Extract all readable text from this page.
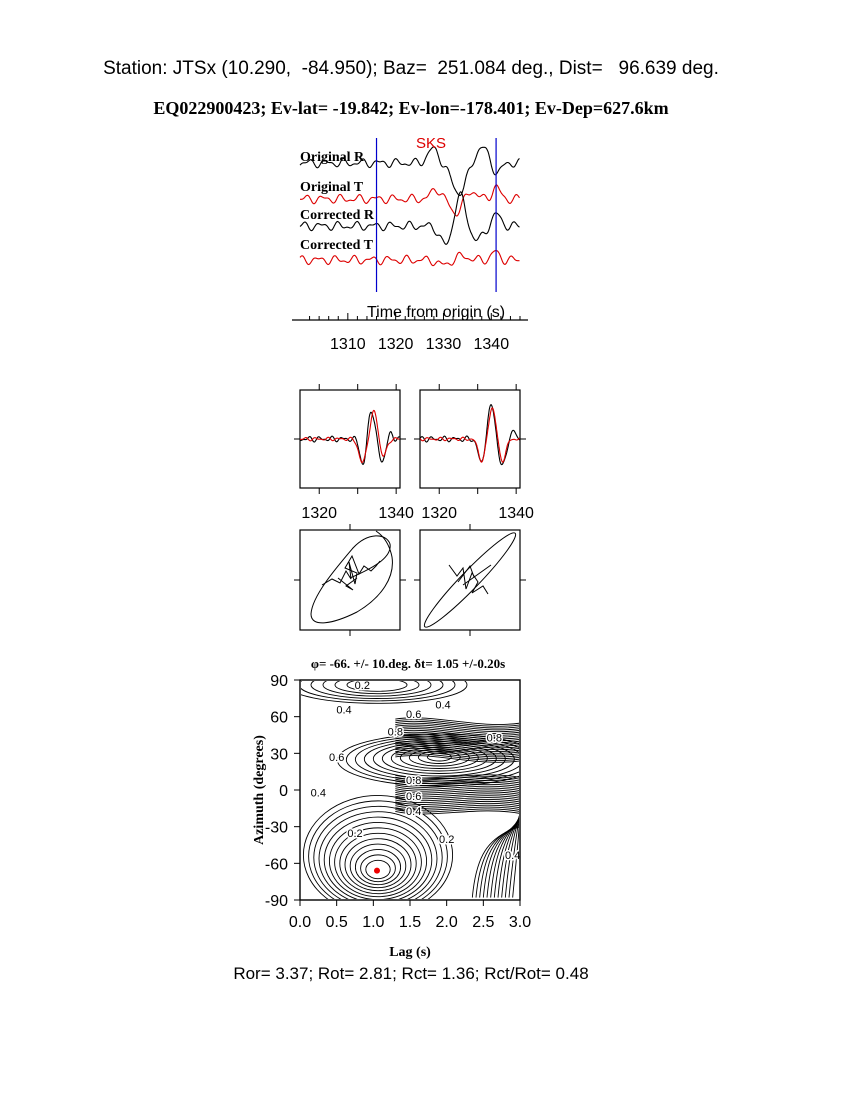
Station: JTSx (10.290,  -84.950); Baz=  251.084 deg., Dist=   96.639 deg.
EQ022900423; Ev-lat= -19.842; Ev-lon=-178.401; Ev-Dep=627.6km
SKS
Original R
Original T
Corrected R
Corrected T
Time from origin (s)
1310 1320 1330 1340
1320	1340 1320	1340
φ= -66. +/- 10.deg. δt= 1.05 +/-0.20s
0.2
0.4	0.6
0.4
0.8
0.8
0.6
0.4
0.8
0.6
0.4
0.2
0.2
0.4
0.0 0.5 1.0 1.5 2.0 2.5 3.0
90
60
30
0
-30
-60
-90
Lag (s)
Azimuth (degrees)
Ror= 3.37; Rot= 2.81; Rct= 1.36; Rct/Rot= 0.48
